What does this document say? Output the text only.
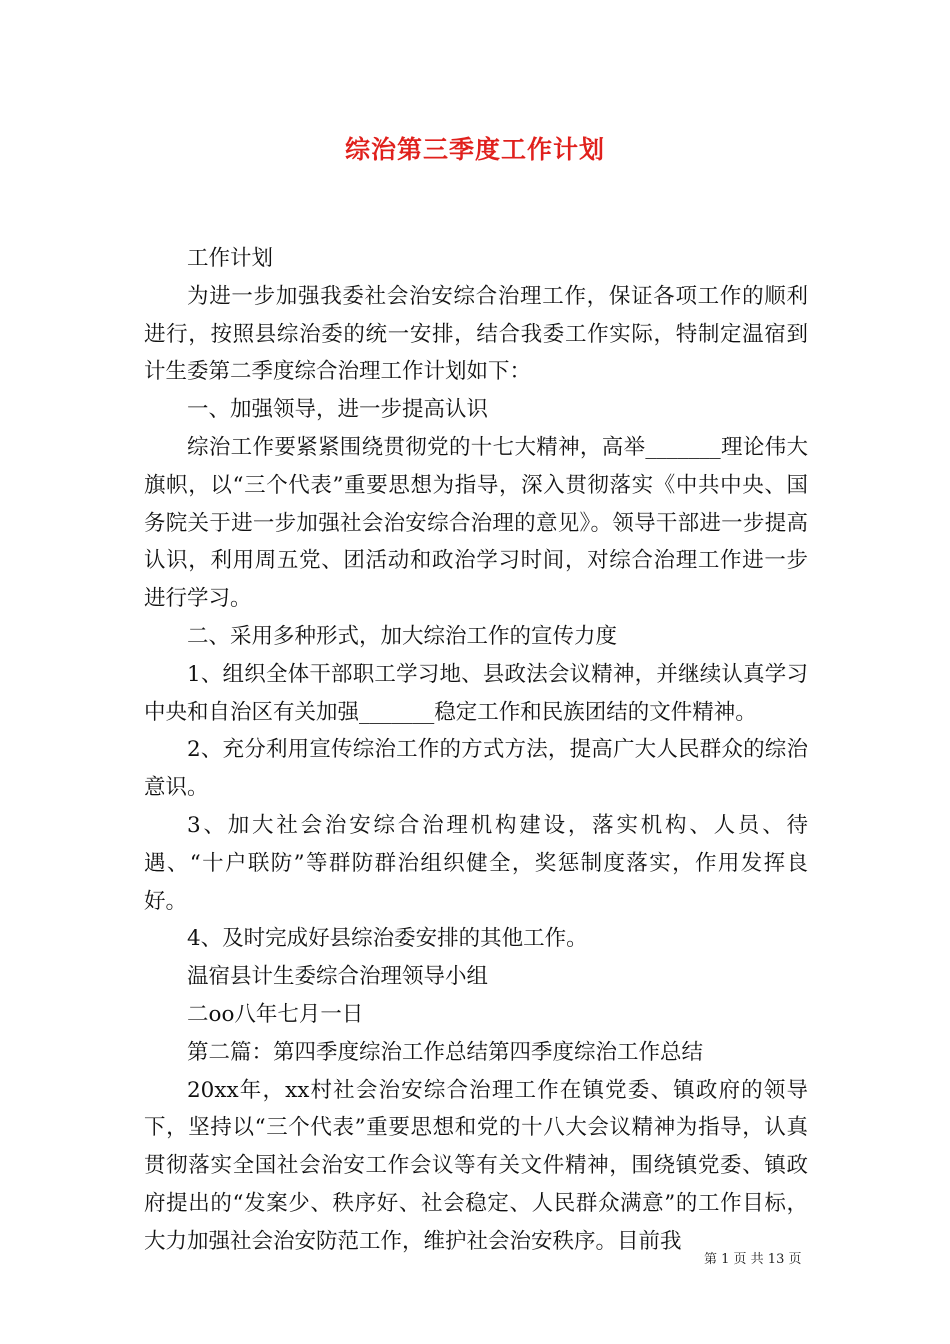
综治第三季度工作计划

工作计划

为进一步加强我委社会治安综合治理工作，保证各项工作的顺利进行，按照县综治委的统一安排，结合我委工作实际，特制定温宿到计生委第二季度综合治理工作计划如下：

一、加强领导，进一步提高认识

综治工作要紧紧围绕贯彻党的十七大精神，高举_______理论伟大旗帜，以“三个代表”重要思想为指导，深入贯彻落实《中共中央、国务院关于进一步加强社会治安综合治理的意见》。领导干部进一步提高认识，利用周五党、团活动和政治学习时间，对综合治理工作进一步进行学习。

二、采用多种形式，加大综治工作的宣传力度

1、组织全体干部职工学习地、县政法会议精神，并继续认真学习中央和自治区有关加强_______稳定工作和民族团结的文件精神。

2、充分利用宣传综治工作的方式方法，提高广大人民群众的综治意识。

3、加大社会治安综合治理机构建设，落实机构、人员、待遇、“十户联防”等群防群治组织健全，奖惩制度落实，作用发挥良好。

4、及时完成好县综治委安排的其他工作。

温宿县计生委综合治理领导小组

二oo八年七月一日

第二篇：第四季度综治工作总结第四季度综治工作总结

20xx年，xx村社会治安综合治理工作在镇党委、镇政府的领导下，坚持以“三个代表”重要思想和党的十八大会议精神为指导，认真贯彻落实全国社会治安工作会议等有关文件精神，围绕镇党委、镇政府提出的“发案少、秩序好、社会稳定、人民群众满意”的工作目标，大力加强社会治安防范工作，维护社会治安秩序。目前我

第 1 页 共 13 页
